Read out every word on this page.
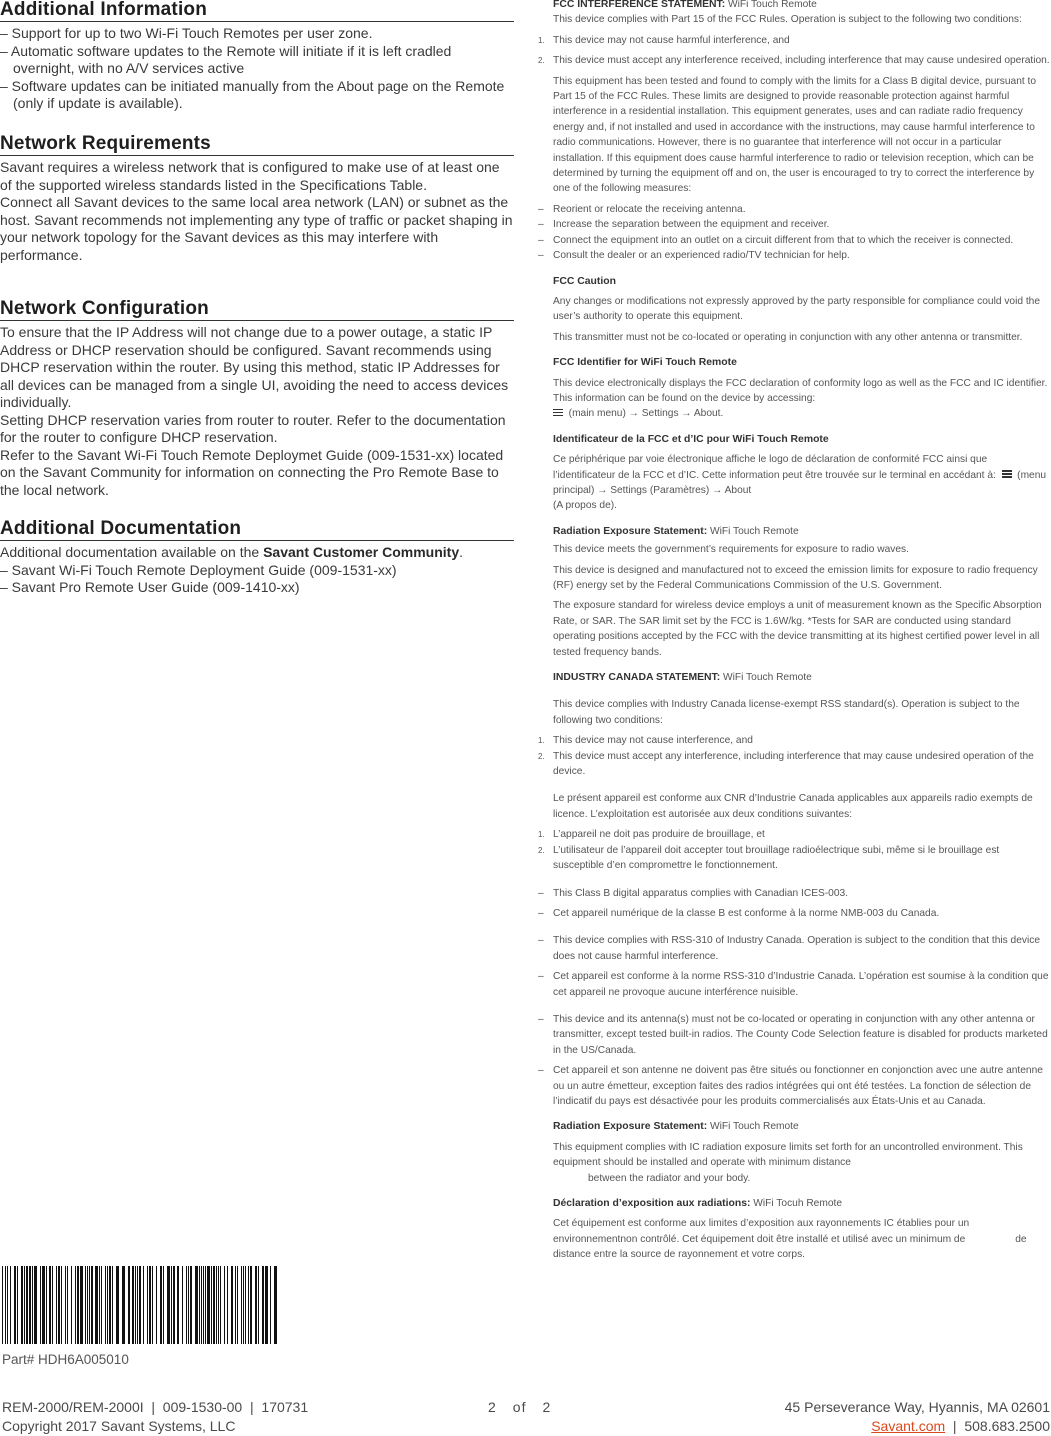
Additional Information

– Support for up to two Wi-Fi Touch Remotes per user zone.

– Automatic software updates to the Remote will initiate if it is left cradled overnight, with no A/V services active

– Software updates can be initiated manually from the About page on the Remote (only if update is available).

Network Requirements

Savant requires a wireless network that is configured to make use of at least one of the supported wireless standards listed in the Specifications Table.

Connect all Savant devices to the same local area network (LAN) or subnet as the host. Savant recommends not implementing any type of traffic or packet shaping in your network topology for the Savant devices as this may interfere with performance.

Network Configuration

To ensure that the IP Address will not change due to a power outage, a static IP Address or DHCP reservation should be configured. Savant recommends using DHCP reservation within the router. By using this method, static IP Addresses for all devices can be managed from a single UI, avoiding the need to access devices individually.

Setting DHCP reservation varies from router to router. Refer to the documentation for the router to configure DHCP reservation.

Refer to the Savant Wi-Fi Touch Remote Deploymet Guide (009-1531-xx) located on the Savant Community for information on connecting the Pro Remote Base to the local network.

Additional Documentation

Additional documentation available on the Savant Customer Community.

– Savant Wi-Fi Touch Remote Deployment Guide (009-1531-xx)

– Savant Pro Remote User Guide (009-1410-xx)

Part# HDH6A005010
REM-2000/REM-2000I  |  009-1530-00  |  170731
Copyright 2017 Savant Systems, LLC
2 of 2	45 Perseverance Way, Hyannis, MA 02601
Savant.com  |  508.683.2500
FCC INTERFERENCE STATEMENT: WiFi Touch Remote

This device complies with Part 15 of the FCC Rules. Operation is subject to the following two conditions:

1. This device may not cause harmful interference, and

2. This device must accept any interference received, including interference that may cause undesired operation.

This equipment has been tested and found to comply with the limits for a Class B digital device, pursuant to Part 15 of the FCC Rules. These limits are designed to provide reasonable protection against harmful interference in a residential installation. This equipment generates, uses and can radiate radio frequency energy and, if not installed and used in accordance with the instructions, may cause harmful interference to radio communications. However, there is no guarantee that interference will not occur in a particular installation. If this equipment does cause harmful interference to radio or television reception, which can be determined by turning the equipment off and on, the user is encouraged to try to correct the interference by one of the following measures:

– Reorient or relocate the receiving antenna.

– Increase the separation between the equipment and receiver.

– Connect the equipment into an outlet on a circuit different from that to which the receiver is connected.

– Consult the dealer or an experienced radio/TV technician for help.

FCC Caution

Any changes or modifications not expressly approved by the party responsible for compliance could void the user’s authority to operate this equipment.

This transmitter must not be co-located or operating in conjunction with any other antenna or transmitter.

FCC Identifier for WiFi Touch Remote

This device electronically displays the FCC declaration of conformity logo as well as the FCC and IC identifier. This information can be found on the device by accessing:

(main menu) → Settings → About.

Identificateur de la FCC et d’IC pour WiFi Touch Remote

Ce périphérique par voie électronique affiche le logo de déclaration de conformité FCC ainsi que l’identificateur de la FCC et d’IC. Cette information peut être trouvée sur le terminal en accédant à: (menu principal) → Settings (Paramètres) → About
(A propos de).

Radiation Exposure Statement: WiFi Touch Remote

This device meets the government’s requirements for exposure to radio waves.

This device is designed and manufactured not to exceed the emission limits for exposure to radio frequency (RF) energy set by the Federal Communications Commission of the U.S. Government.

The exposure standard for wireless device employs a unit of measurement known as the Specific Absorption Rate, or SAR. The SAR limit set by the FCC is 1.6W/kg. *Tests for SAR are conducted using standard operating positions accepted by the FCC with the device transmitting at its highest certified power level in all tested frequency bands.

INDUSTRY CANADA STATEMENT: WiFi Touch Remote

This device complies with Industry Canada license-exempt RSS standard(s). Operation is subject to the following two conditions:

1. This device may not cause interference, and

2. This device must accept any interference, including interference that may cause undesired operation of the device.

Le présent appareil est conforme aux CNR d’Industrie Canada applicables aux appareils radio exempts de licence. L’exploitation est autorisée aux deux conditions suivantes:

1. L’appareil ne doit pas produire de brouillage, et

2. L’utilisateur de l’appareil doit accepter tout brouillage radioélectrique subi, même si le brouillage est susceptible d’en compromettre le fonctionnement.

– This Class B digital apparatus complies with Canadian ICES-003.

– Cet appareil numérique de la classe B est conforme à la norme NMB-003 du Canada.

– This device complies with RSS-310 of Industry Canada. Operation is subject to the condition that this device does not cause harmful interference.

– Cet appareil est conforme à la norme RSS-310 d’Industrie Canada. L’opération est soumise à la condition que cet appareil ne provoque aucune interférence nuisible.

– This device and its antenna(s) must not be co-located or operating in conjunction with any other antenna or transmitter, except tested built-in radios. The County Code Selection feature is disabled for products marketed in the US/Canada.

– Cet appareil et son antenne ne doivent pas être situés ou fonctionner en conjonction avec une autre antenne ou un autre émetteur, exception faites des radios intégrées qui ont été testées. La fonction de sélection de l’indicatif du pays est désactivée pour les produits commercialisés aux États-Unis et au Canada.

Radiation Exposure Statement: WiFi Touch Remote

This equipment complies with IC radiation exposure limits set forth for an uncontrolled environment. This equipment should be installed and operate with minimum distance
between the radiator and your body.

Déclaration d’exposition aux radiations: WiFi Tocuh Remote

Cet équipement est conforme aux limites d’exposition aux rayonnements IC établies pour un environnementnon contrôlé. Cet équipement doit être installé et utilisé avec un minimum de	de distance entre la source de rayonnement et votre corps.
